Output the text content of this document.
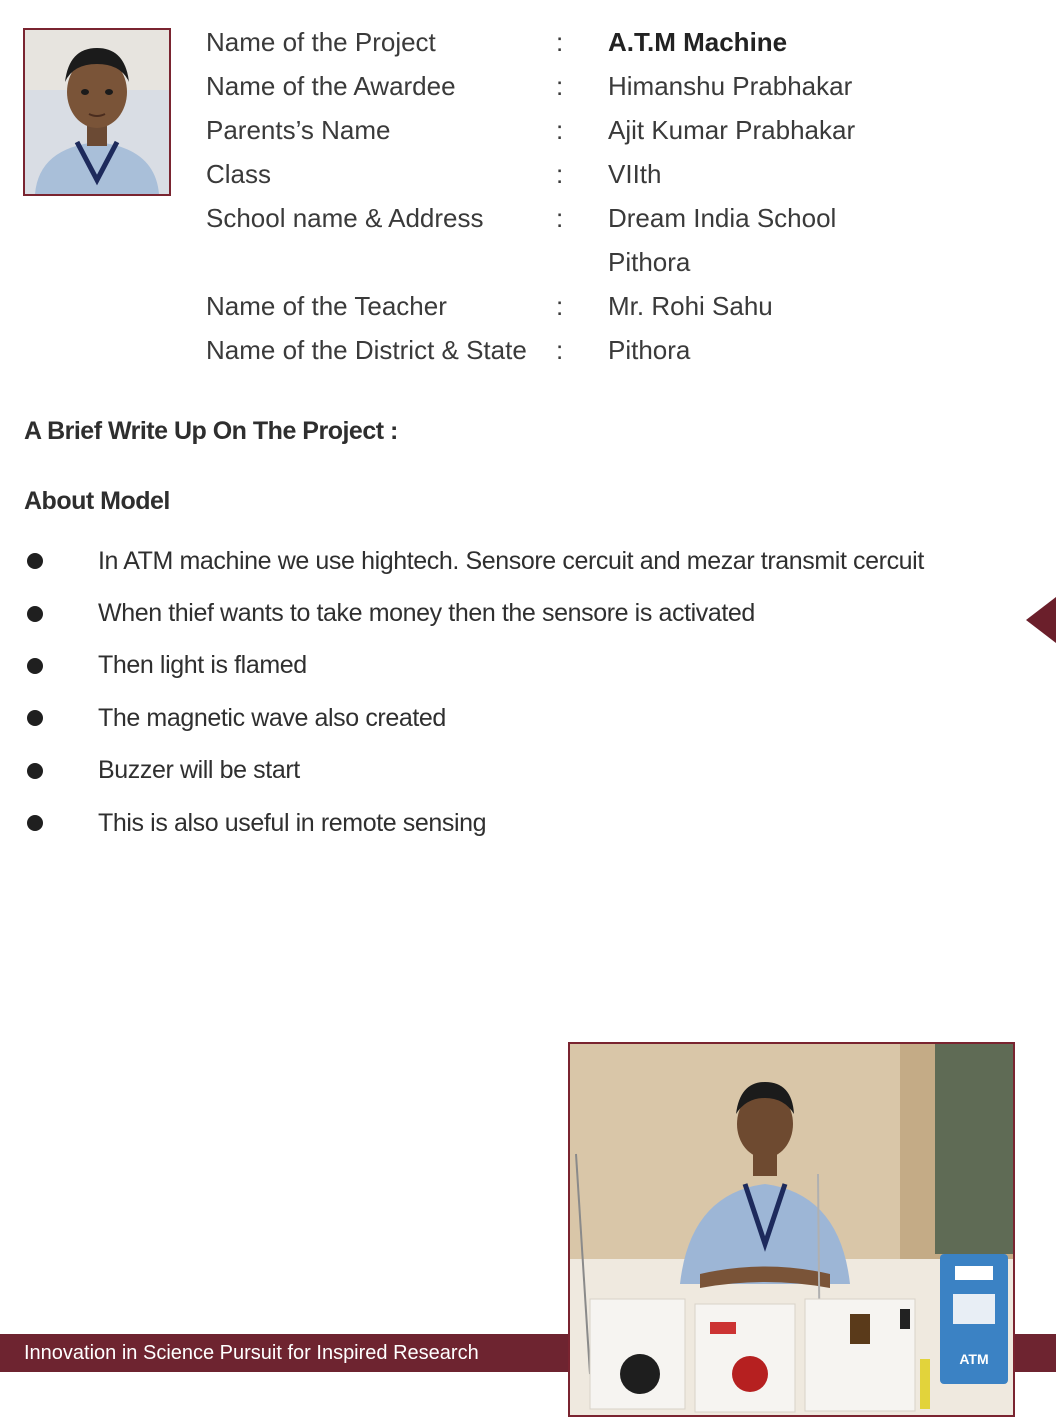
Name of the Project	:	A.T.M Machine
Name of the Awardee	:	Himanshu Prabhakar
Parents’s Name	:	Ajit Kumar Prabhakar
Class	:	VIIth
School name & Address	:	Dream India School
Pithora
Name of the Teacher	:	Mr. Rohi Sahu
Name of the District & State	:	Pithora
A Brief Write Up On The Project :
About Model
In ATM machine we use hightech. Sensore cercuit and mezar transmit cercuit
When thief wants to take money then the sensore is activated
Then light is flamed
The magnetic wave also created
Buzzer will be start
This is also useful in remote sensing
Innovation in Science Pursuit for Inspired Research	ATM
